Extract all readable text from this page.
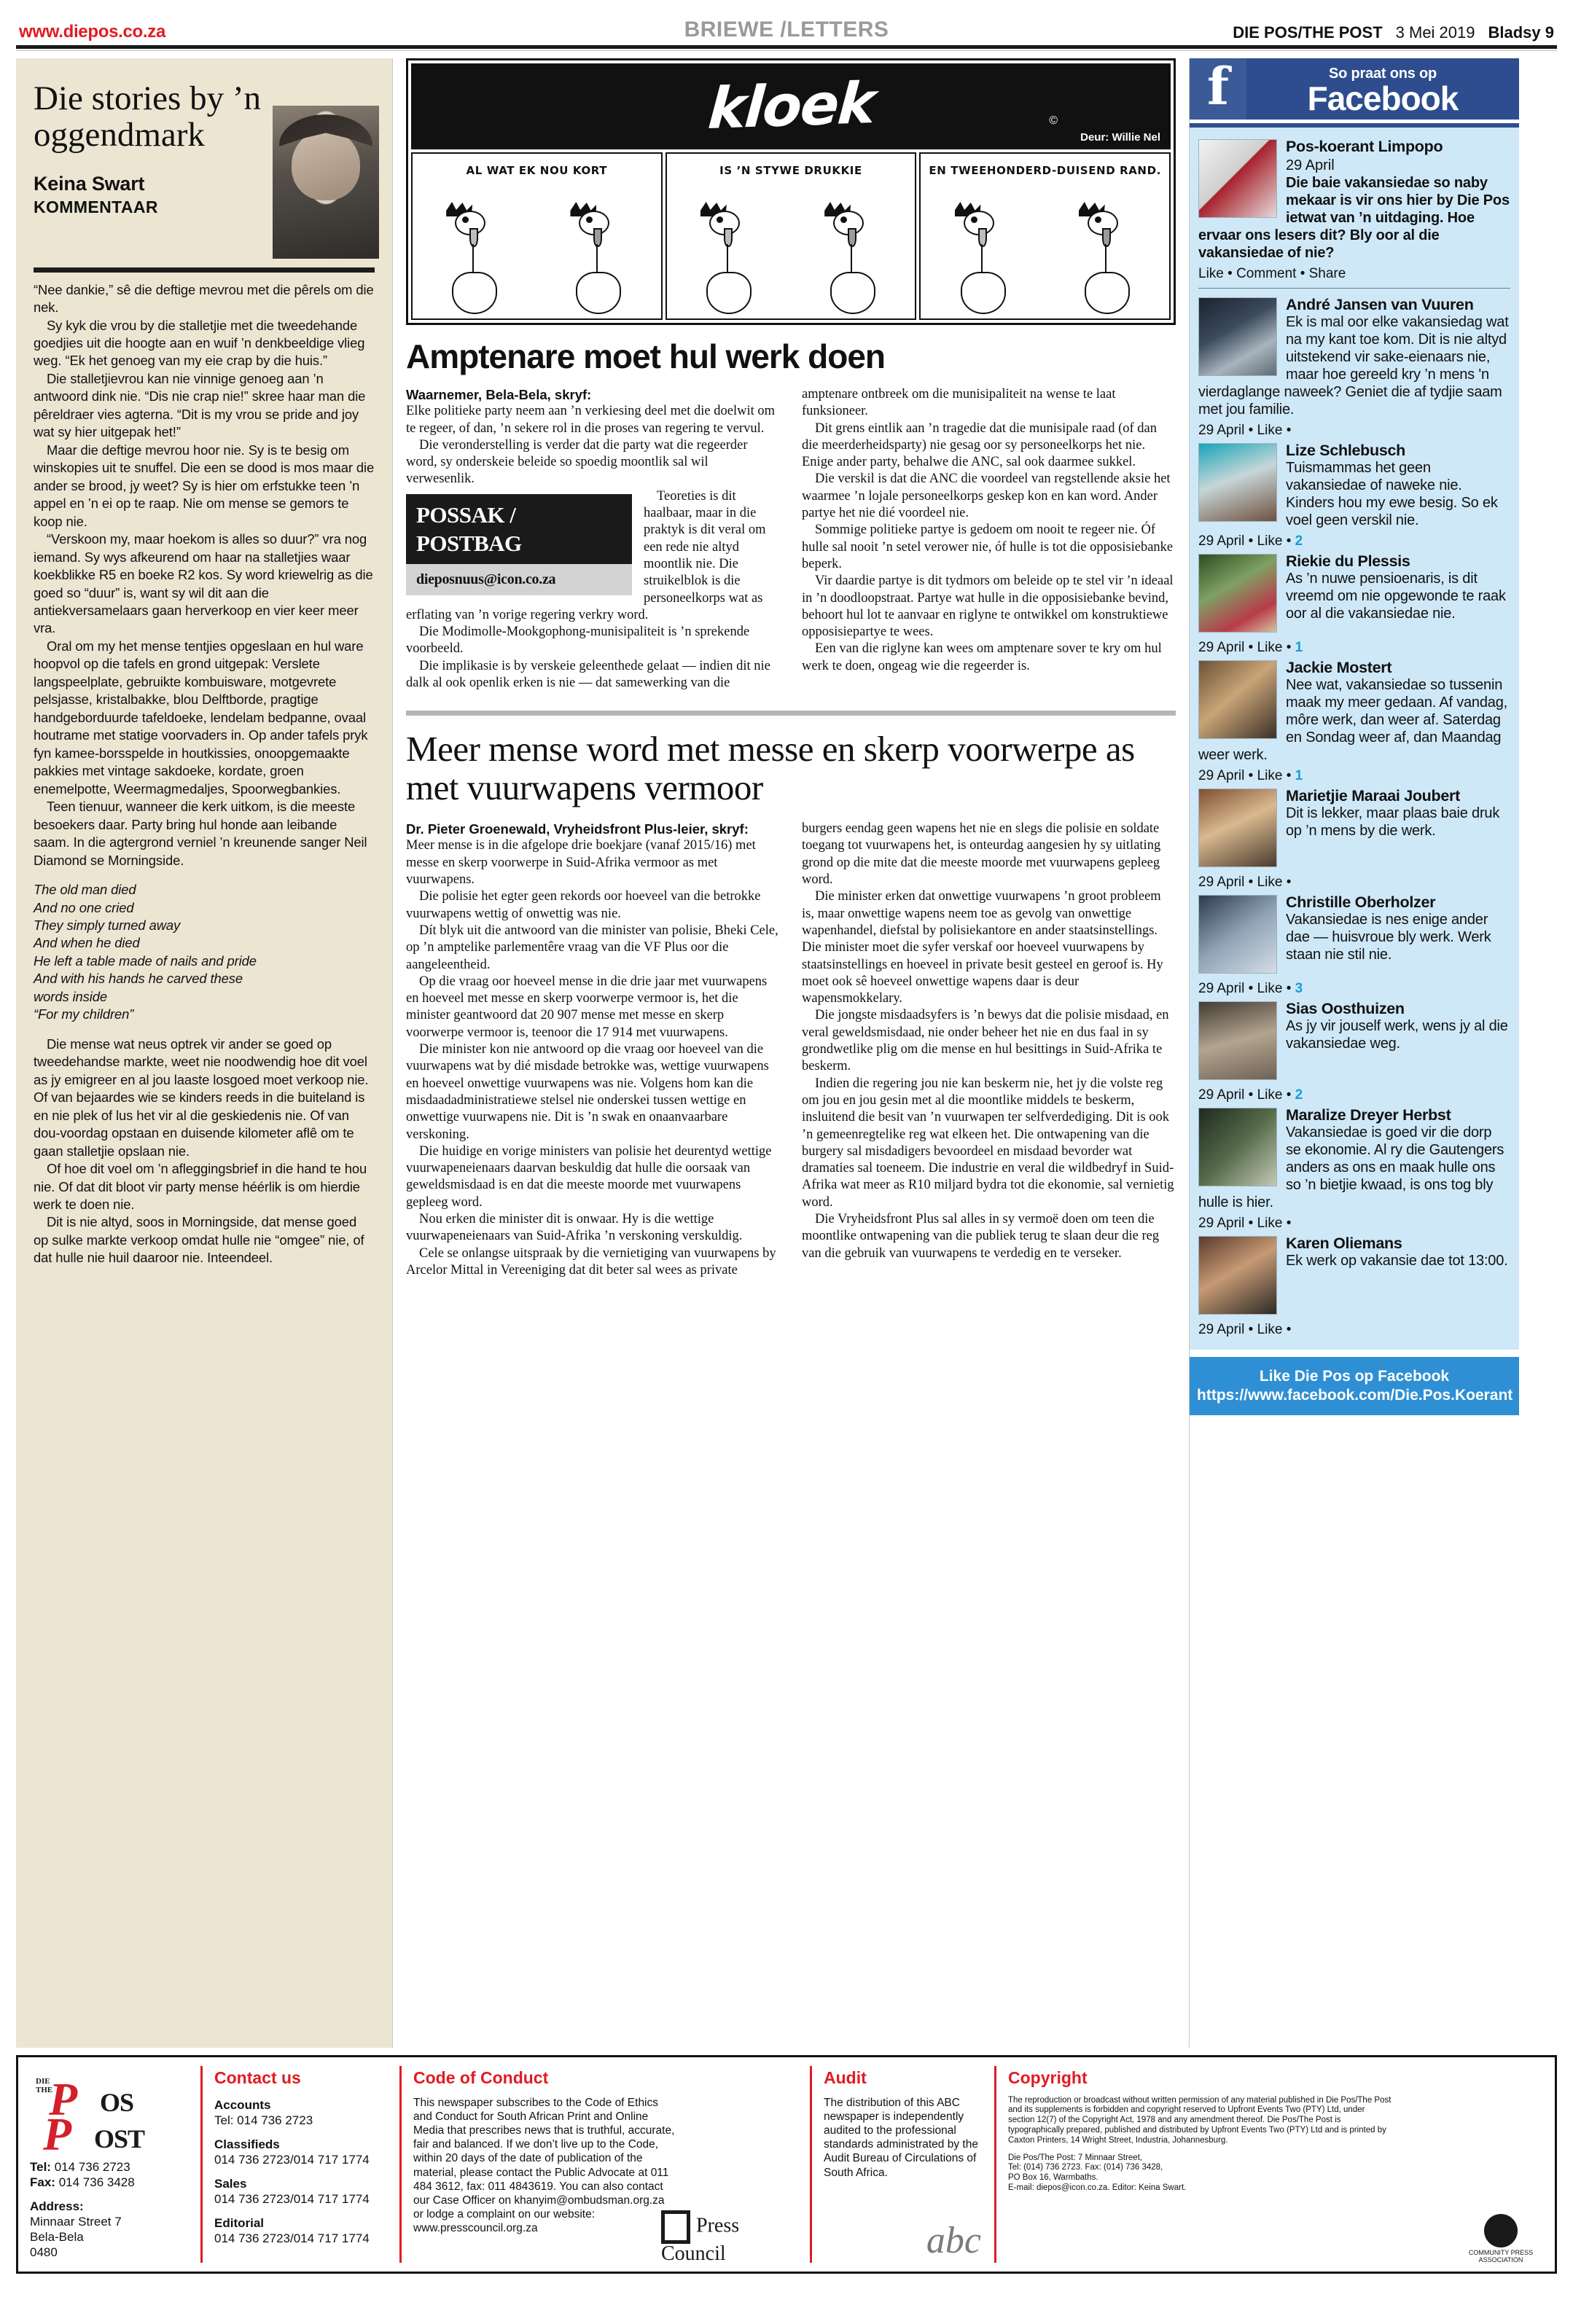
www.diepos.co.za	BRIEWE /LETTERS	DIE POS/THE POST 3 Mei 2019 Bladsy 9
Die stories by ’n oggendmark
Keina Swart
KOMMENTAAR

“Nee dankie,” sê die deftige mevrou met die pêrels om die nek.

Sy kyk die vrou by die stalletjie met die tweedehande goedjies uit die hoogte aan en wuif ’n denkbeeldige vlieg weg. “Ek het genoeg van my eie crap by die huis.”

Die stalletjievrou kan nie vinnige genoeg aan ’n antwoord dink nie. “Dis nie crap nie!” skree haar man die pêreldraer vies agterna. “Dit is my vrou se pride and joy wat sy hier uitgepak het!”

Maar die deftige mevrou hoor nie. Sy is te besig om winskopies uit te snuffel. Die een se dood is mos maar die ander se brood, jy weet? Sy is hier om erfstukke teen ’n appel en ’n ei op te raap. Nie om mense se gemors te koop nie.

“Verskoon my, maar hoekom is alles so duur?” vra nog iemand. Sy wys afkeurend om haar na stalletjies waar koekblikke R5 en boeke R2 kos. Sy word kriewelrig as die goed so “duur” is, want sy wil dit aan die antiekversamelaars gaan herverkoop en vier keer meer vra.

Oral om my het mense tentjies opgeslaan en hul ware hoopvol op die tafels en grond uitgepak: Verslete langspeelplate, gebruikte kombuisware, motgevrete pelsjasse, kristalbakke, blou Delftborde, pragtige handgeborduurde tafeldoeke, lendelam bedpanne, ovaal houtrame met statige voorvaders in. Op ander tafels pryk fyn kamee-borsspelde in houtkissies, onoopgemaakte pakkies met vintage sakdoeke, kordate, groen enemelpotte, Weermagmedaljes, Spoorwegbankies.

Teen tienuur, wanneer die kerk uitkom, is die meeste besoekers daar. Party bring hul honde aan leibande saam. In die agtergrond verniel ’n kreunende sanger Neil Diamond se Morningside.

The old man died
And no one cried
They simply turned away
And when he died
He left a table made of nails and pride
And with his hands he carved these
words inside
“For my children”

Die mense wat neus optrek vir ander se goed op tweedehandse markte, weet nie noodwendig hoe dit voel as jy emigreer en al jou laaste losgoed moet verkoop nie. Of van bejaardes wie se kinders reeds in die buiteland is en nie plek of lus het vir al die geskiedenis nie. Of van dou-voordag opstaan en duisende kilometer aflê om te gaan stalletjie opslaan nie.

Of hoe dit voel om ’n afleggingsbrief in die hand te hou nie. Of dat dit bloot vir party mense héérlik is om hierdie werk te doen nie.

Dit is nie altyd, soos in Morningside, dat mense goed op sulke markte verkoop omdat hulle nie “omgee” nie, of dat hulle nie huil daaroor nie. Inteendeel.

kloek	©
Deur: Willie Nel
AL WAT EK NOU KORT	IS ’N STYWE DRUKKIE	EN TWEEHONDERD-DUISEND RAND.
Amptenare moet hul werk doen

Waarnemer, Bela-Bela, skryf:

Elke politieke party neem aan ’n verkiesing deel met die doelwit om te regeer, of dan, ’n sekere rol in die proses van regering te vervul.

Die veronderstelling is verder dat die party wat die regeerder word, sy onderskeie beleide so spoedig moontlik sal wil verwesenlik.

POSSAK / POSTBAG
dieposnuus@icon.co.za

Teoreties is dit haalbaar, maar in die praktyk is dit veral om een rede nie altyd moontlik nie. Die struikelblok is die personeelkorps wat as erflating van ’n vorige regering verkry word.

Die Modimolle-Mookgophong-munisipaliteit is ’n sprekende voorbeeld.

Die implikasie is by verskeie geleenthede gelaat — indien dit nie dalk al ook openlik erken is nie — dat samewerking van die amptenare ontbreek om die munisipaliteit na wense te laat funksioneer.

Dit grens eintlik aan ’n tragedie dat die munisipale raad (of dan die meerderheidsparty) nie gesag oor sy personeelkorps het nie. Enige ander party, behalwe die ANC, sal ook daarmee sukkel.

Die verskil is dat die ANC die voordeel van regstellende aksie het waarmee ’n lojale personeelkorps geskep kon en kan word. Ander partye het nie dié voordeel nie.

Sommige politieke partye is gedoem om nooit te regeer nie. Óf hulle sal nooit ’n setel verower nie, óf hulle is tot die opposisiebanke beperk.

Vir daardie partye is dit tydmors om beleide op te stel vir ’n ideaal in ’n doodloopstraat. Partye wat hulle in die opposisiebanke bevind, behoort hul lot te aanvaar en riglyne te ontwikkel om konstruktiewe opposisiepartye te wees.

Een van die riglyne kan wees om amptenare sover te kry om hul werk te doen, ongeag wie die regeerder is.

Meer mense word met messe en skerp voorwerpe as met vuurwapens vermoor

Dr. Pieter Groenewald, Vryheidsfront Plus-leier, skryf:

Meer mense is in die afgelope drie boekjare (vanaf 2015/16) met messe en skerp voorwerpe in Suid-Afrika vermoor as met vuurwapens.

Die polisie het egter geen rekords oor hoeveel van die betrokke vuurwapens wettig of onwettig was nie.

Dít blyk uit die antwoord van die minister van polisie, Bheki Cele, op ’n amptelike parlementêre vraag van die VF Plus oor die aangeleentheid.

Op die vraag oor hoeveel mense in die drie jaar met vuurwapens en hoeveel met messe en skerp voorwerpe vermoor is, het die minister geantwoord dat 20 907 mense met messe en skerp voorwerpe vermoor is, teenoor die 17 914 met vuurwapens.

Die minister kon nie antwoord op die vraag oor hoeveel van die vuurwapens wat by dié misdade betrokke was, wettige vuurwapens en hoeveel onwettige vuurwapens was nie. Volgens hom kan die misdaadadministratiewe stelsel nie onderskei tussen wettige en onwettige vuurwapens nie. Dit is ’n swak en onaanvaarbare verskoning.

Die huidige en vorige ministers van polisie het deurentyd wettige vuurwapeneienaars daarvan beskuldig dat hulle die oorsaak van geweldsmisdaad is en dat die meeste moorde met vuurwapens gepleeg word.

Nou erken die minister dit is onwaar. Hy is die wettige vuurwapeneienaars van Suid-Afrika ’n verskoning verskuldig.

Cele se onlangse uitspraak by die vernietiging van vuurwapens by Arcelor Mittal in Vereeniging dat dit beter sal wees as private burgers eendag geen wapens het nie en slegs die polisie en soldate toegang tot vuurwapens het, is onteurdag aangesien hy sy uitlating grond op die mite dat die meeste moorde met vuurwapens gepleeg word.

Die minister erken dat onwettige vuurwapens ’n groot probleem is, maar onwettige wapens neem toe as gevolg van onwettige wapenhandel, diefstal by polisiekantore en ander staatsinstellings. Die minister moet die syfer verskaf oor hoeveel vuurwapens by staatsinstellings en hoeveel in private besit gesteel en geroof is. Hy moet ook sê hoeveel onwettige wapens daar is deur wapensmokkelary.

Die jongste misdaadsyfers is ’n bewys dat die polisie misdaad, en veral geweldsmisdaad, nie onder beheer het nie en dus faal in sy grondwetlike plig om die mense en hul besittings in Suid-Afrika te beskerm.

Indien die regering jou nie kan beskerm nie, het jy die volste reg om jou en jou gesin met al die moontlike middels te beskerm, insluitend die besit van ’n vuurwapen ter selfverdediging. Dit is ook ’n gemeenregtelike reg wat elkeen het. Die ontwapening van die burgery sal misdadigers bevoordeel en misdaad bevorder wat dramaties sal toeneem. Die industrie en veral die wildbedryf in Suid-Afrika wat meer as R10 miljard bydra tot die ekonomie, sal vernietig word.

Die Vryheidsfront Plus sal alles in sy vermoë doen om teen die moontlike ontwapening van die publiek terug te slaan deur die reg van die gebruik van vuurwapens te verdedig en te verseker.

f	So praat ons op
Facebook
Pos-koerant Limpopo
29 April
Die baie vakansiedae so naby mekaar is vir ons hier by Die Pos ietwat van ’n uitdaging. Hoe ervaar ons lesers dit? Bly oor al die vakansiedae of nie?
Like • Comment • Share
André Jansen van Vuuren
Ek is mal oor elke vakansiedag wat na my kant toe kom. Dit is nie altyd uitstekend vir sake-eienaars nie, maar hoe gereeld kry ’n mens 'n vierdaglange naweek? Geniet die af tydjie saam met jou familie.
29 April • Like •
Lize Schlebusch
Tuismammas het geen vakansiedae of naweke nie. Kinders hou my ewe besig. So ek voel geen verskil nie.
29 April • Like • 2
Riekie du Plessis
As ’n nuwe pensioenaris, is dit vreemd om nie opgewonde te raak oor al die vakansiedae nie.
29 April • Like • 1
Jackie Mostert
Nee wat, vakansiedae so tussenin maak my meer gedaan. Af vandag, môre werk, dan weer af. Saterdag en Sondag weer af, dan Maandag weer werk.
29 April • Like • 1
Marietjie Maraai Joubert
Dit is lekker, maar plaas baie druk op ’n mens by die werk.
29 April • Like •
Christille Oberholzer
Vakansiedae is nes enige ander dae — huisvroue bly werk. Werk staan nie stil nie.
29 April • Like • 3
Sias Oosthuizen
As jy vir jouself werk, wens jy al die vakansiedae weg.
29 April • Like • 2
Maralize Dreyer Herbst
Vakansiedae is goed vir die dorp se ekonomie. Al ry die Gautengers anders as ons en maak hulle ons so ’n bietjie kwaad, is ons tog bly hulle is hier.
29 April • Like •
Karen Oliemans
Ek werk op vakansie dae tot 13:00.
29 April • Like •
Like Die Pos op Facebook https://www.facebook.com/Die.Pos.Koerant
DIE
THE
P OS
P OST
Tel: 014 736 2723
Fax: 014 736 3428
Address:
Minnaar Street 7
Bela-Bela
0480
Contact us
Accounts
Tel: 014 736 2723
Classifieds
014 736 2723/014 717 1774
Sales
014 736 2723/014 717 1774
Editorial
014 736 2723/014 717 1774
Code of Conduct
This newspaper subscribes to the Code of Ethics and Conduct for South African Print and Online Media that prescribes news that is truthful, accurate, fair and balanced. If we don’t live up to the Code, within 20 days of the date of publication of the material, please contact the Public Advocate at 011 484 3612, fax: 011 4843619. You can also contact our Case Officer on khanyim@ombudsman.org.za or lodge a complaint on our website: www.presscouncil.org.za	Press Council
Audit
The distribution of this ABC newspaper is independently audited to the professional standards administrated by the Audit Bureau of Circulations of South Africa.
abc
Copyright
The reproduction or broadcast without written permission of any material published in Die Pos/The Post and its supplements is forbidden and copyright reserved to Upfront Events Two (PTY) Ltd, under section 12(7) of the Copyright Act, 1978 and any amendment thereof. Die Pos/The Post is typographically prepared, published and distributed by Upfront Events Two (PTY) Ltd and is printed by Caxton Printers, 14 Wright Street, Industria, Johannesburg.
Die Pos/The Post: 7 Minnaar Street,
Tel: (014) 736 2723. Fax: (014) 736 3428,
PO Box 16, Warmbaths.
E-mail: diepos@icon.co.za. Editor: Keina Swart.
COMMUNITY PRESS ASSOCIATION
